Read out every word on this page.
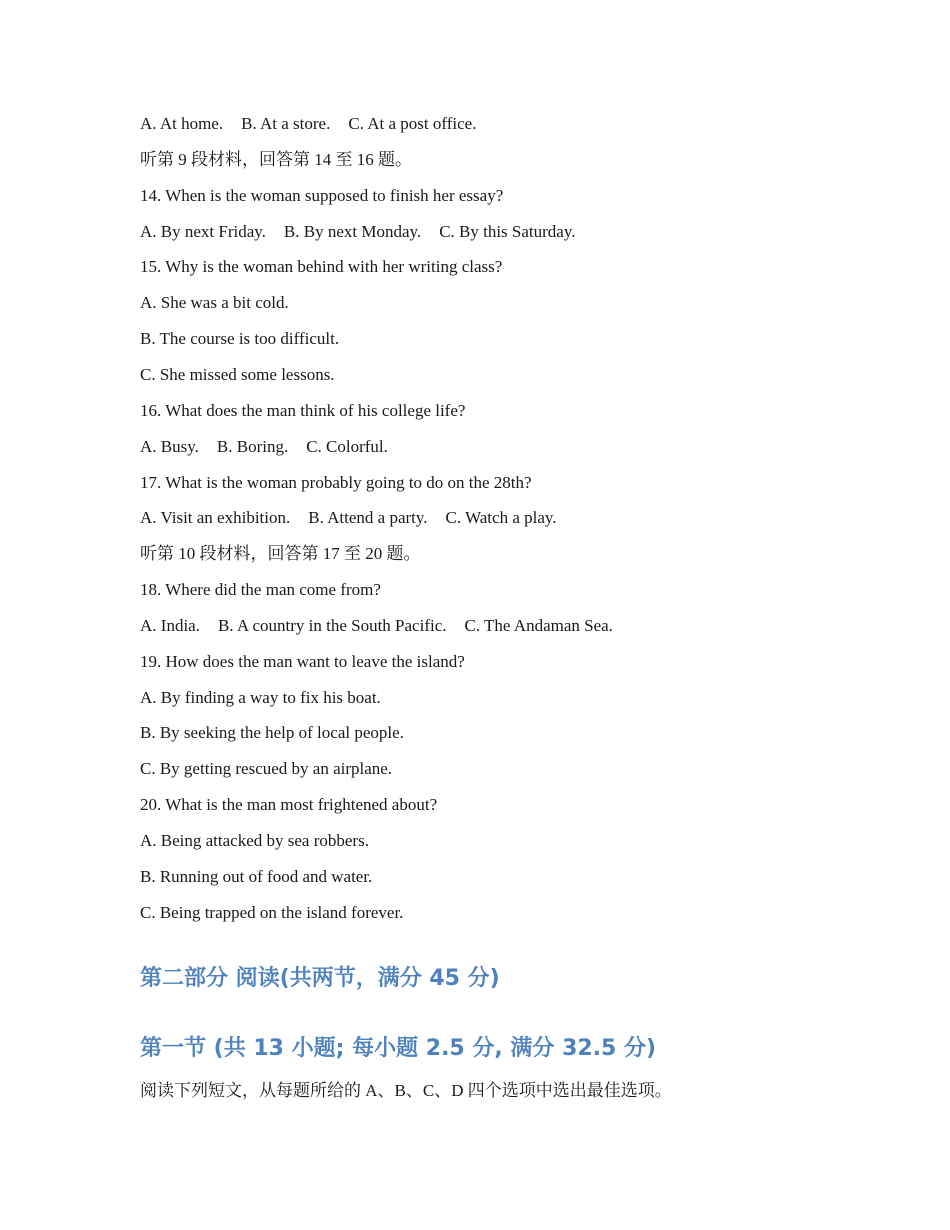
A. At home. B. At a store. C. At a post office.
听第 9 段材料，回答第 14 至 16 题。
14. When is the woman supposed to finish her essay?
A. By next Friday. B. By next Monday. C. By this Saturday.
15. Why is the woman behind with her writing class?
A. She was a bit cold.
B. The course is too difficult.
C. She missed some lessons.
16. What does the man think of his college life?
A. Busy. B. Boring. C. Colorful.
17. What is the woman probably going to do on the 28th?
A. Visit an exhibition. B. Attend a party. C. Watch a play.
听第 10 段材料，回答第 17 至 20 题。
18. Where did the man come from?
A. India. B. A country in the South Pacific. C. The Andaman Sea.
19. How does the man want to leave the island?
A. By finding a way to fix his boat.
B. By seeking the help of local people.
C. By getting rescued by an airplane.
20. What is the man most frightened about?
A. Being attacked by sea robbers.
B. Running out of food and water.
C. Being trapped on the island forever.
第二部分 阅读(共两节，满分 45 分)
第一节 (共 13 小题; 每小题 2.5 分, 满分 32.5 分)
阅读下列短文，从每题所给的 A、B、C、D 四个选项中选出最佳选项。
